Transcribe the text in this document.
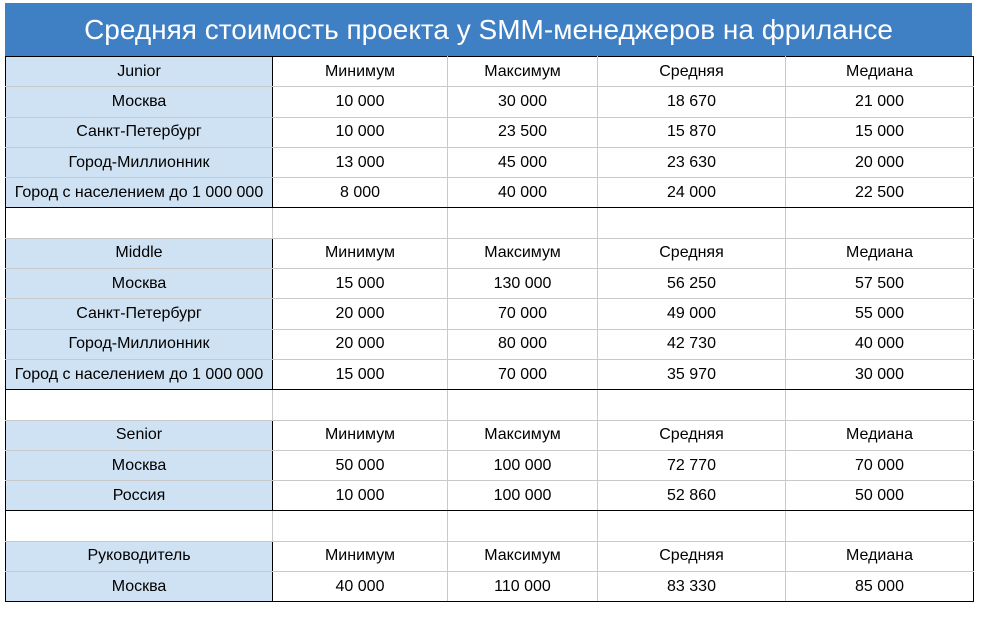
Средняя стоимость проекта у SMM-менеджеров на фрилансе
Junior	Минимум	Максимум	Средняя	Медиана
Москва	10 000	30 000	18 670	21 000
Санкт-Петербург	10 000	23 500	15 870	15 000
Город-Миллионник	13 000	45 000	23 630	20 000
Город с населением до 1 000 000	8 000	40 000	24 000	22 500

Middle	Минимум	Максимум	Средняя	Медиана
Москва	15 000	130 000	56 250	57 500
Санкт-Петербург	20 000	70 000	49 000	55 000
Город-Миллионник	20 000	80 000	42 730	40 000
Город с населением до 1 000 000	15 000	70 000	35 970	30 000

Senior	Минимум	Максимум	Средняя	Медиана
Москва	50 000	100 000	72 770	70 000
Россия	10 000	100 000	52 860	50 000

Руководитель	Минимум	Максимум	Средняя	Медиана
Москва	40 000	110 000	83 330	85 000
